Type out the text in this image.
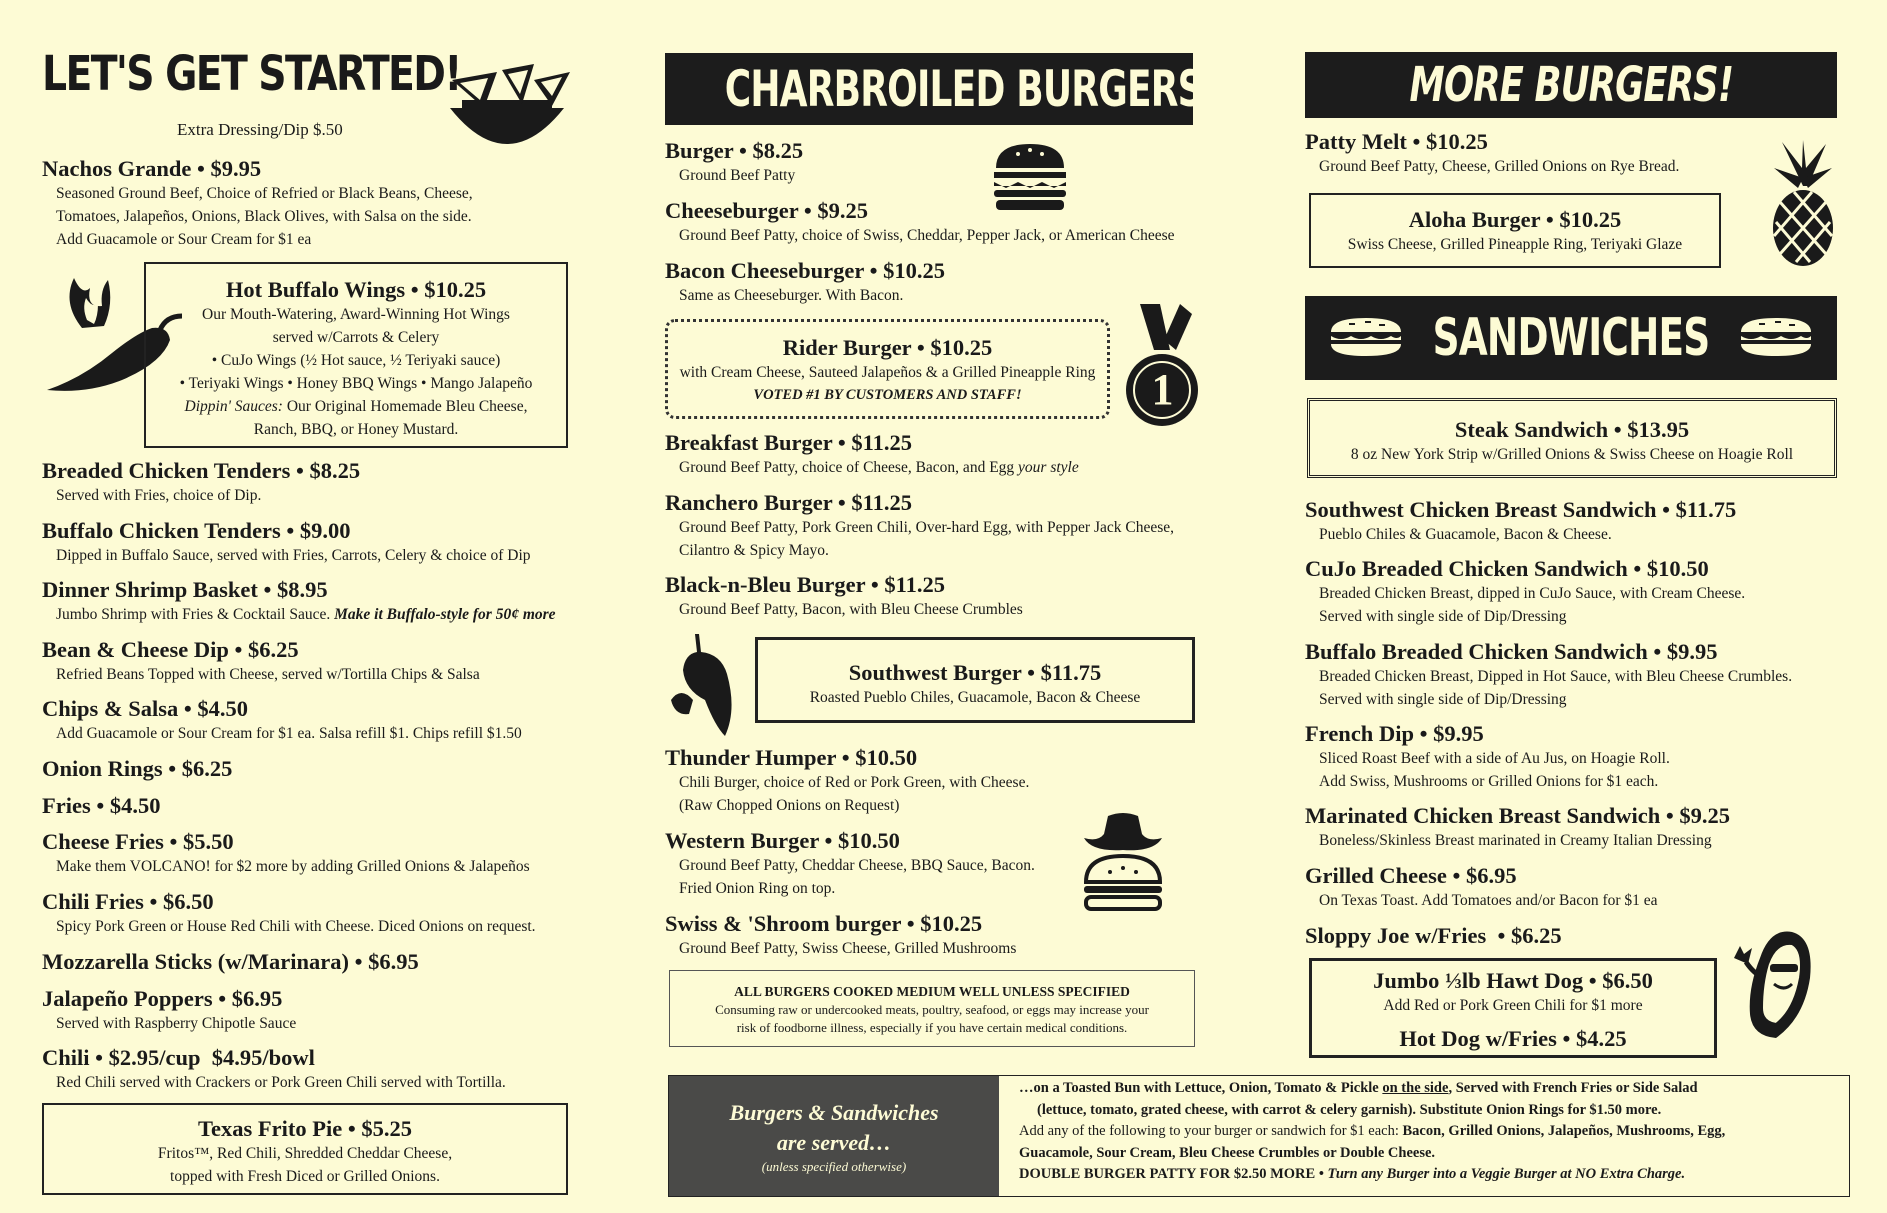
LET'S GET STARTED!
Extra Dressing/Dip $.50
Nachos Grande • $9.95
Seasoned Ground Beef, Choice of Refried or Black Beans, Cheese,
Tomatoes, Jalapeños, Onions, Black Olives, with Salsa on the side.
Add Guacamole or Sour Cream for $1 ea
Hot Buffalo Wings • $10.25
Our Mouth-Watering, Award-Winning Hot Wings
served w/Carrots & Celery
• CuJo Wings (½ Hot sauce, ½ Teriyaki sauce)
• Teriyaki Wings • Honey BBQ Wings • Mango Jalapeño
Dippin' Sauces: Our Original Homemade Bleu Cheese,
Ranch, BBQ, or Honey Mustard.
Breaded Chicken Tenders • $8.25
Served with Fries, choice of Dip.
Buffalo Chicken Tenders • $9.00
Dipped in Buffalo Sauce, served with Fries, Carrots, Celery & choice of Dip
Dinner Shrimp Basket • $8.95
Jumbo Shrimp with Fries & Cocktail Sauce. Make it Buffalo-style for 50¢ more
Bean & Cheese Dip • $6.25
Refried Beans Topped with Cheese, served w/Tortilla Chips & Salsa
Chips & Salsa • $4.50
Add Guacamole or Sour Cream for $1 ea. Salsa refill $1. Chips refill $1.50
Onion Rings • $6.25
Fries • $4.50
Cheese Fries • $5.50
Make them VOLCANO! for $2 more by adding Grilled Onions & Jalapeños
Chili Fries • $6.50
Spicy Pork Green or House Red Chili with Cheese. Diced Onions on request.
Mozzarella Sticks (w/Marinara) • $6.95
Jalapeño Poppers • $6.95
Served with Raspberry Chipotle Sauce
Chili • $2.95/cup  $4.95/bowl
Red Chili served with Crackers or Pork Green Chili served with Tortilla.
Texas Frito Pie • $5.25
Fritos™, Red Chili, Shredded Cheddar Cheese,
topped with Fresh Diced or Grilled Onions.
CHARBROILED BURGERS
Burger • $8.25
Ground Beef Patty
Cheeseburger • $9.25
Ground Beef Patty, choice of Swiss, Cheddar, Pepper Jack, or American Cheese
Bacon Cheeseburger • $10.25
Same as Cheeseburger. With Bacon.
Rider Burger • $10.25
with Cream Cheese, Sauteed Jalapeños & a Grilled Pineapple Ring
VOTED #1 BY CUSTOMERS AND STAFF!	1
Breakfast Burger • $11.25
Ground Beef Patty, choice of Cheese, Bacon, and Egg your style
Ranchero Burger • $11.25
Ground Beef Patty, Pork Green Chili, Over-hard Egg, with Pepper Jack Cheese,
Cilantro & Spicy Mayo.
Black-n-Bleu Burger • $11.25
Ground Beef Patty, Bacon, with Bleu Cheese Crumbles
Southwest Burger • $11.75
Roasted Pueblo Chiles, Guacamole, Bacon & Cheese
Thunder Humper • $10.50
Chili Burger, choice of Red or Pork Green, with Cheese.
(Raw Chopped Onions on Request)
Western Burger • $10.50
Ground Beef Patty, Cheddar Cheese, BBQ Sauce, Bacon.
Fried Onion Ring on top.
Swiss & 'Shroom burger • $10.25
Ground Beef Patty, Swiss Cheese, Grilled Mushrooms
ALL BURGERS COOKED MEDIUM WELL UNLESS SPECIFIED
Consuming raw or undercooked meats, poultry, seafood, or eggs may increase your
risk of foodborne illness, especially if you have certain medical conditions.
MORE BURGERS!
Patty Melt • $10.25
Ground Beef Patty, Cheese, Grilled Onions on Rye Bread.
Aloha Burger • $10.25
Swiss Cheese, Grilled Pineapple Ring, Teriyaki Glaze
SANDWICHES
Steak Sandwich • $13.95
8 oz New York Strip w/Grilled Onions & Swiss Cheese on Hoagie Roll
Southwest Chicken Breast Sandwich • $11.75
Pueblo Chiles & Guacamole, Bacon & Cheese.
CuJo Breaded Chicken Sandwich • $10.50
Breaded Chicken Breast, dipped in CuJo Sauce, with Cream Cheese.
Served with single side of Dip/Dressing
Buffalo Breaded Chicken Sandwich • $9.95
Breaded Chicken Breast, Dipped in Hot Sauce, with Bleu Cheese Crumbles.
Served with single side of Dip/Dressing
French Dip • $9.95
Sliced Roast Beef with a side of Au Jus, on Hoagie Roll.
Add Swiss, Mushrooms or Grilled Onions for $1 each.
Marinated Chicken Breast Sandwich • $9.25
Boneless/Skinless Breast marinated in Creamy Italian Dressing
Grilled Cheese • $6.95
On Texas Toast. Add Tomatoes and/or Bacon for $1 ea
Sloppy Joe w/Fries  • $6.25
Jumbo ⅓lb Hawt Dog • $6.50
Add Red or Pork Green Chili for $1 more
Hot Dog w/Fries • $4.25
Burgers & Sandwiches
are served…
(unless specified otherwise)
…on a Toasted Bun with Lettuce, Onion, Tomato & Pickle on the side, Served with French Fries or Side Salad
(lettuce, tomato, grated cheese, with carrot & celery garnish). Substitute Onion Rings for $1.50 more.
Add any of the following to your burger or sandwich for $1 each: Bacon, Grilled Onions, Jalapeños, Mushrooms, Egg,
Guacamole, Sour Cream, Bleu Cheese Crumbles or Double Cheese.
DOUBLE BURGER PATTY FOR $2.50 MORE • Turn any Burger into a Veggie Burger at NO Extra Charge.
